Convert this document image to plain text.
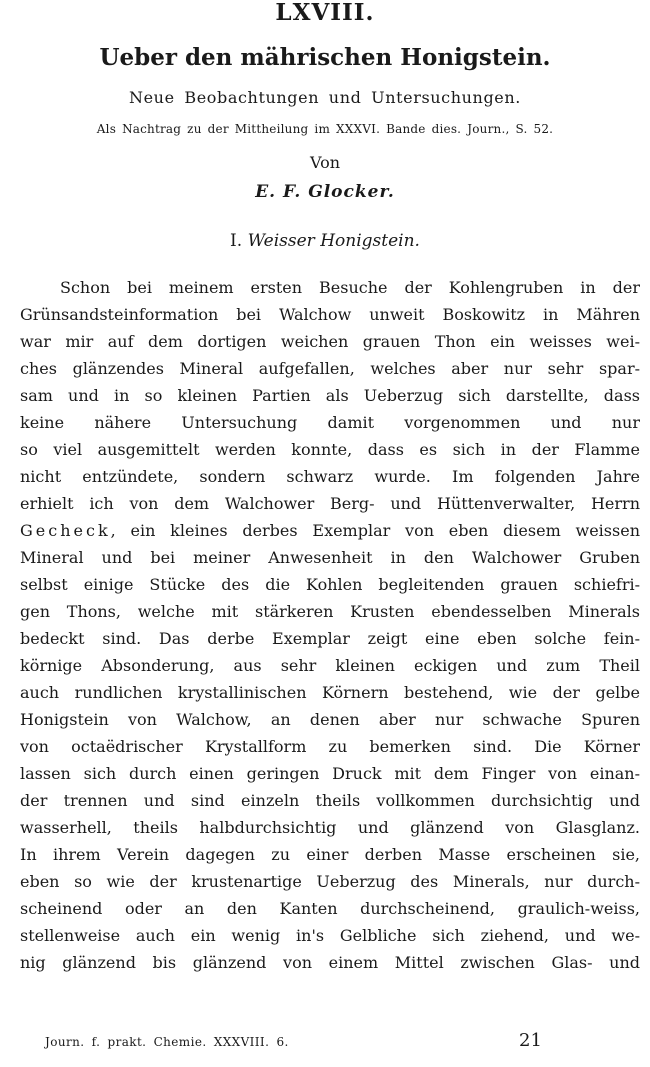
LXVIII.
Ueber den mährischen Honigstein.
Neue Beobachtungen und Untersuchungen.
Als Nachtrag zu der Mittheilung im XXXVI. Bande dies. Journ., S. 52.
Von
E. F. Glocker.
I. Weisser Honigstein.
Schon bei meinem ersten Besuche der Kohlengruben in der
Grünsandsteinformation bei Walchow unweit Boskowitz in Mähren
war mir auf dem dortigen weichen grauen Thon ein weisses wei-
ches glänzendes Mineral aufgefallen, welches aber nur sehr spar-
sam und in so kleinen Partien als Ueberzug sich darstellte, dass
keine nähere Untersuchung damit vorgenommen und nur
so viel ausgemittelt werden konnte, dass es sich in der Flamme
nicht entzündete, sondern schwarz wurde. Im folgenden Jahre
erhielt ich von dem Walchower Berg- und Hüttenverwalter, Herrn
Gecheck, ein kleines derbes Exemplar von eben diesem weissen
Mineral und bei meiner Anwesenheit in den Walchower Gruben
selbst einige Stücke des die Kohlen begleitenden grauen schiefri-
gen Thons, welche mit stärkeren Krusten ebendesselben Minerals
bedeckt sind. Das derbe Exemplar zeigt eine eben solche fein-
körnige Absonderung, aus sehr kleinen eckigen und zum Theil
auch rundlichen krystallinischen Körnern bestehend, wie der gelbe
Honigstein von Walchow, an denen aber nur schwache Spuren
von octaëdrischer Krystallform zu bemerken sind. Die Körner
lassen sich durch einen geringen Druck mit dem Finger von einan-
der trennen und sind einzeln theils vollkommen durchsichtig und
wasserhell, theils halbdurchsichtig und glänzend von Glasglanz.
In ihrem Verein dagegen zu einer derben Masse erscheinen sie,
eben so wie der krustenartige Ueberzug des Minerals, nur durch-
scheinend oder an den Kanten durchscheinend, graulich-weiss,
stellenweise auch ein wenig in's Gelbliche sich ziehend, und we-
nig glänzend bis glänzend von einem Mittel zwischen Glas- und
Journ. f. prakt. Chemie. XXXVIII. 6.	21
